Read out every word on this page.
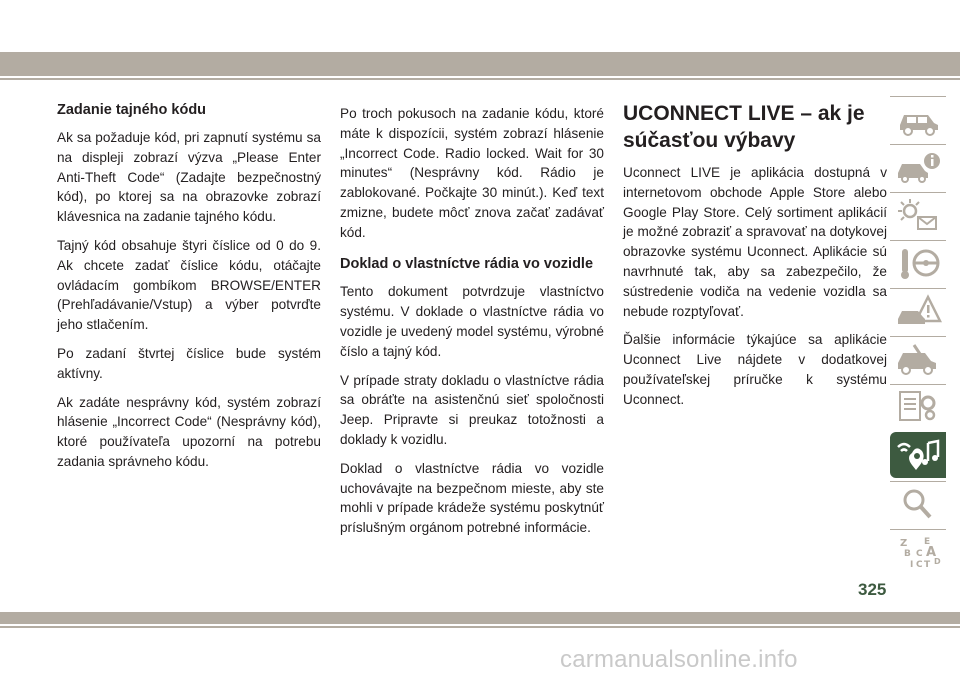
Zadanie tajného kódu

Ak sa požaduje kód, pri zapnutí systému sa na displeji zobrazí výzva „Please Enter Anti-Theft Code“ (Zadajte bezpečnostný kód), po ktorej sa na obrazovke zobrazí klávesnica na zadanie tajného kódu.

Tajný kód obsahuje štyri číslice od 0 do 9. Ak chcete zadať číslice kódu, otáčajte ovládacím gombíkom BROWSE/ENTER (Prehľadávanie/Vstup) a výber potvrďte jeho stlačením.

Po zadaní štvrtej číslice bude systém aktívny.

Ak zadáte nesprávny kód, systém zobrazí hlásenie „Incorrect Code“ (Nesprávny kód), ktoré používateľa upozorní na potrebu zadania správneho kódu.

Po troch pokusoch na zadanie kódu, ktoré máte k dispozícii, systém zobrazí hlásenie „Incorrect Code. Radio locked. Wait for 30 minutes“ (Nesprávny kód. Rádio je zablokované. Počkajte 30 minút.). Keď text zmizne, budete môcť znova začať zadávať kód.

Doklad o vlastníctve rádia vo vozidle

Tento dokument potvrdzuje vlastníctvo systému. V doklade o vlastníctve rádia vo vozidle je uvedený model systému, výrobné číslo a tajný kód.

V prípade straty dokladu o vlastníctve rádia sa obráťte na asistenčnú sieť spoločnosti Jeep. Pripravte si preukaz totožnosti a doklady k vozidlu.

Doklad o vlastníctve rádia vo vozidle uchovávajte na bezpečnom mieste, aby ste mohli v prípade krádeže systému poskytnúť príslušným orgánom potrebné informácie.

UCONNECT LIVE – ak je súčasťou výbavy

Uconnect LIVE je aplikácia dostupná v internetovom obchode Apple Store alebo Google Play Store. Celý sortiment aplikácií je možné zobraziť a spravovať na dotykovej obrazovke systému Uconnect. Aplikácie sú navrhnuté tak, aby sa zabezpečilo, že sústredenie vodiča na vedenie vozidla sa nebude rozptyľovať.

Ďalšie informácie týkajúce sa aplikácie Uconnect Live nájdete v dodatkovej používateľskej príručke k systému Uconnect.

Z E
B C A
I C T D
325
carmanualsonline.info
